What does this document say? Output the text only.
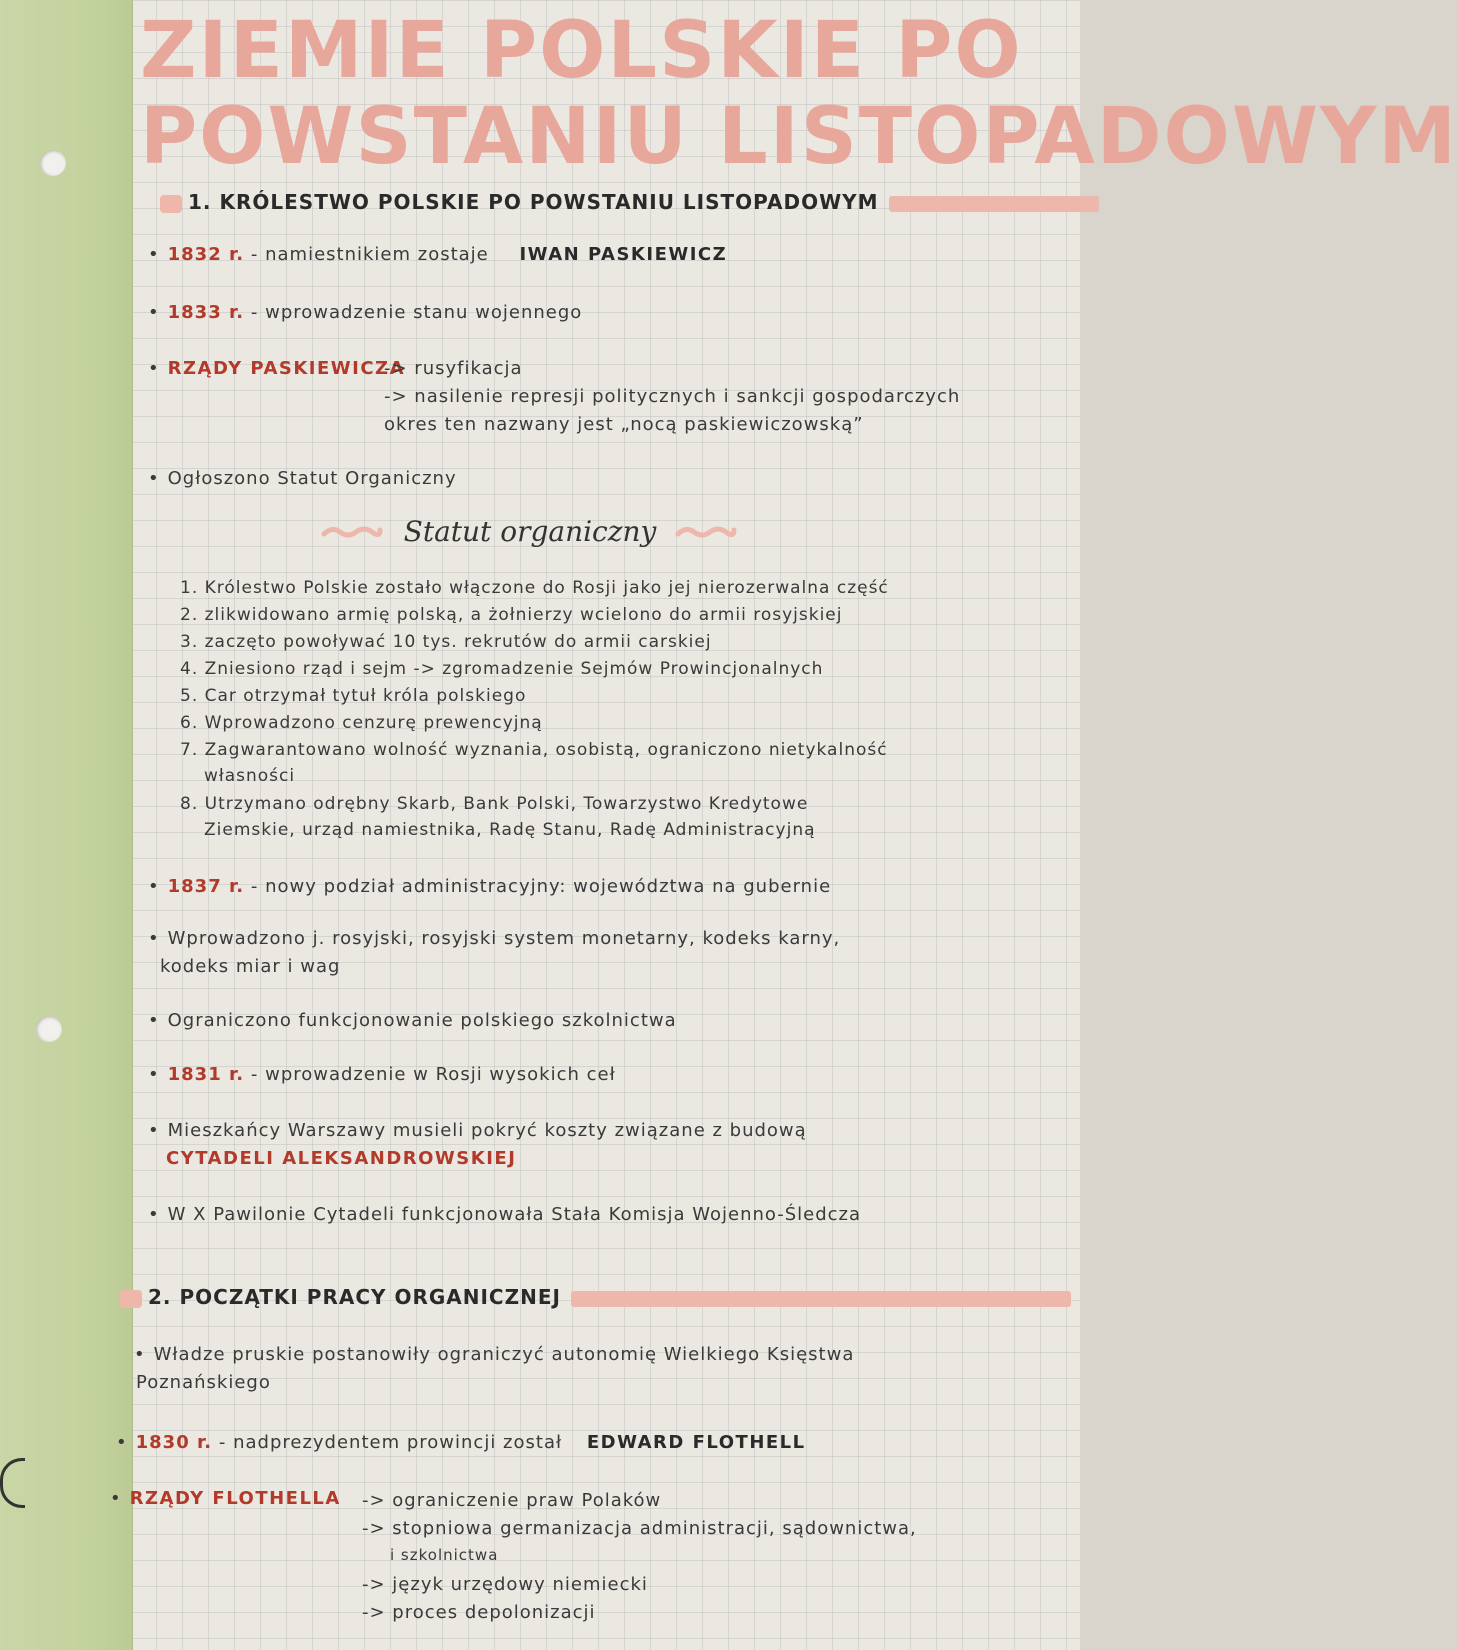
ZIEMIE POLSKIE PO
POWSTANIU LISTOPADOWYM
1. KRÓLESTWO POLSKIE PO POWSTANIU LISTOPADOWYM
• 1832 r. - namiestnikiem zostaje IWAN PASKIEWICZ
• 1833 r. - wprowadzenie stanu wojennego
• RZĄDY PASKIEWICZA
-> rusyfikacja
-> nasilenie represji politycznych i sankcji gospodarczych
okres ten nazwany jest „nocą paskiewiczowską”
• Ogłoszono Statut Organiczny
Statut organiczny
1. Królestwo Polskie zostało włączone do Rosji jako jej nierozerwalna część
2. zlikwidowano armię polską, a żołnierzy wcielono do armii rosyjskiej
3. zaczęto powoływać 10 tys. rekrutów do armii carskiej
4. Zniesiono rząd i sejm -> zgromadzenie Sejmów Prowincjonalnych
5. Car otrzymał tytuł króla polskiego
6. Wprowadzono cenzurę prewencyjną
7. Zagwarantowano wolność wyznania, osobistą, ograniczono nietykalność
własności
8. Utrzymano odrębny Skarb, Bank Polski, Towarzystwo Kredytowe
Ziemskie, urząd namiestnika, Radę Stanu, Radę Administracyjną
• 1837 r. - nowy podział administracyjny: województwa na gubernie
• Wprowadzono j. rosyjski, rosyjski system monetarny, kodeks karny,
kodeks miar i wag
• Ograniczono funkcjonowanie polskiego szkolnictwa
• 1831 r. - wprowadzenie w Rosji wysokich ceł
• Mieszkańcy Warszawy musieli pokryć koszty związane z budową
CYTADELI ALEKSANDROWSKIEJ
• W X Pawilonie Cytadeli funkcjonowała Stała Komisja Wojenno-Śledcza
2. POCZĄTKI PRACY ORGANICZNEJ
• Władze pruskie postanowiły ograniczyć autonomię Wielkiego Księstwa
Poznańskiego
• 1830 r. - nadprezydentem prowincji został EDWARD FLOTHELL
• RZĄDY FLOTHELLA -> ograniczenie praw Polaków
-> stopniowa germanizacja administracji, sądownictwa,
i szkolnictwa
-> język urzędowy niemiecki
-> proces depolonizacji
